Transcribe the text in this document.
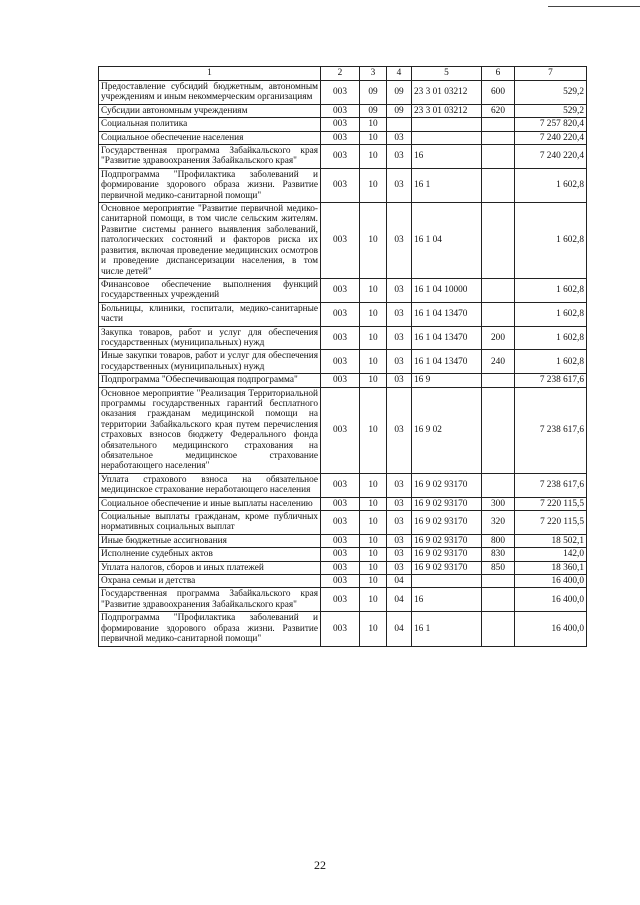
1	2	3	4	5	6	7
Предоставление субсидий бюджетным, автономным учреждениям и иным некоммерческим организациям	003	09	09	23 3 01 03212	600	529,2
Субсидии автономным учреждениям	003	09	09	23 3 01 03212	620	529,2
Социальная политика	003	10				7 257 820,4
Социальное обеспечение населения	003	10	03			7 240 220,4
Государственная программа Забайкальского края "Развитие здравоохранения Забайкальского края"	003	10	03	16		7 240 220,4
Подпрограмма "Профилактика заболеваний и формирование здорового образа жизни. Развитие первичной медико-санитарной помощи"	003	10	03	16 1		1 602,8
Основное мероприятие "Развитие первичной медико-санитарной помощи, в том числе сельским жителям. Развитие системы раннего выявления заболеваний, патологических состояний и факторов риска их развития, включая проведение медицинских осмотров и проведение диспансеризации населения, в том числе детей"	003	10	03	16 1 04		1 602,8
Финансовое обеспечение выполнения функций государственных учреждений	003	10	03	16 1 04 10000		1 602,8
Больницы, клиники, госпитали, медико-санитарные части	003	10	03	16 1 04 13470		1 602,8
Закупка товаров, работ и услуг для обеспечения государственных (муниципальных) нужд	003	10	03	16 1 04 13470	200	1 602,8
Иные закупки товаров, работ и услуг для обеспечения государственных (муниципальных) нужд	003	10	03	16 1 04 13470	240	1 602,8
Подпрограмма "Обеспечивающая подпрограмма"	003	10	03	16 9		7 238 617,6
Основное мероприятие "Реализация Территориальной программы государственных гарантий бесплатного оказания гражданам медицинской помощи на территории Забайкальского края путем перечисления страховых взносов бюджету Федерального фонда обязательного медицинского страхования на обязательное медицинское страхование неработающего населения"	003	10	03	16 9 02		7 238 617,6
Уплата страхового взноса на обязательное медицинское страхование неработающего населения	003	10	03	16 9 02 93170		7 238 617,6
Социальное обеспечение и иные выплаты населению	003	10	03	16 9 02 93170	300	7 220 115,5
Социальные выплаты гражданам, кроме публичных нормативных социальных выплат	003	10	03	16 9 02 93170	320	7 220 115,5
Иные бюджетные ассигнования	003	10	03	16 9 02 93170	800	18 502,1
Исполнение судебных актов	003	10	03	16 9 02 93170	830	142,0
Уплата налогов, сборов и иных платежей	003	10	03	16 9 02 93170	850	18 360,1
Охрана семьи и детства	003	10	04			16 400,0
Государственная программа Забайкальского края "Развитие здравоохранения Забайкальского края"	003	10	04	16		16 400,0
Подпрограмма "Профилактика заболеваний и формирование здорового образа жизни. Развитие первичной медико-санитарной помощи"	003	10	04	16 1		16 400,0
22
